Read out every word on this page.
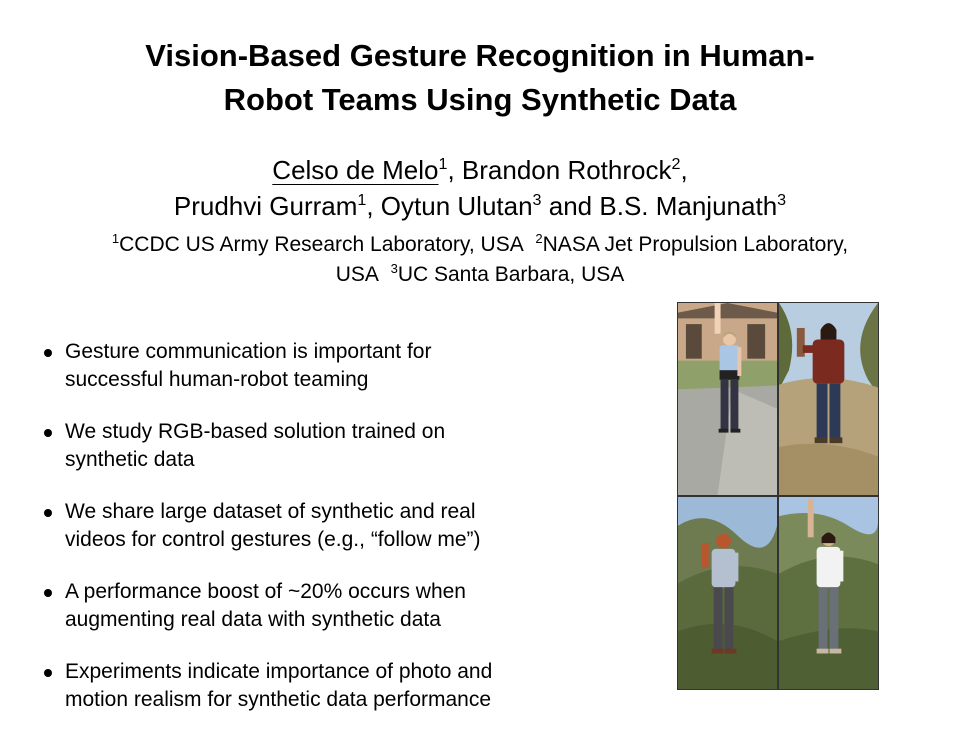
Vision-Based Gesture Recognition in Human-
Robot Teams Using Synthetic Data
Celso de Melo$^1$, Brandon Rothrock$^2$,
Prudhvi Gurram$^1$, Oytun Ulutan$^3$ and B.S. Manjunath$^3$
$^1$CCDC US Army Research Laboratory, USA $^2$NASA Jet Propulsion Laboratory,
USA $^3$UC Santa Barbara, USA
Gesture communication is important for
successful human-robot teaming
We study RGB-based solution trained on
synthetic data
We share large dataset of synthetic and real
videos for control gestures (e.g., “follow me”)
A performance boost of ~20% occurs when
augmenting real data with synthetic data
Experiments indicate importance of photo and
motion realism for synthetic data performance
